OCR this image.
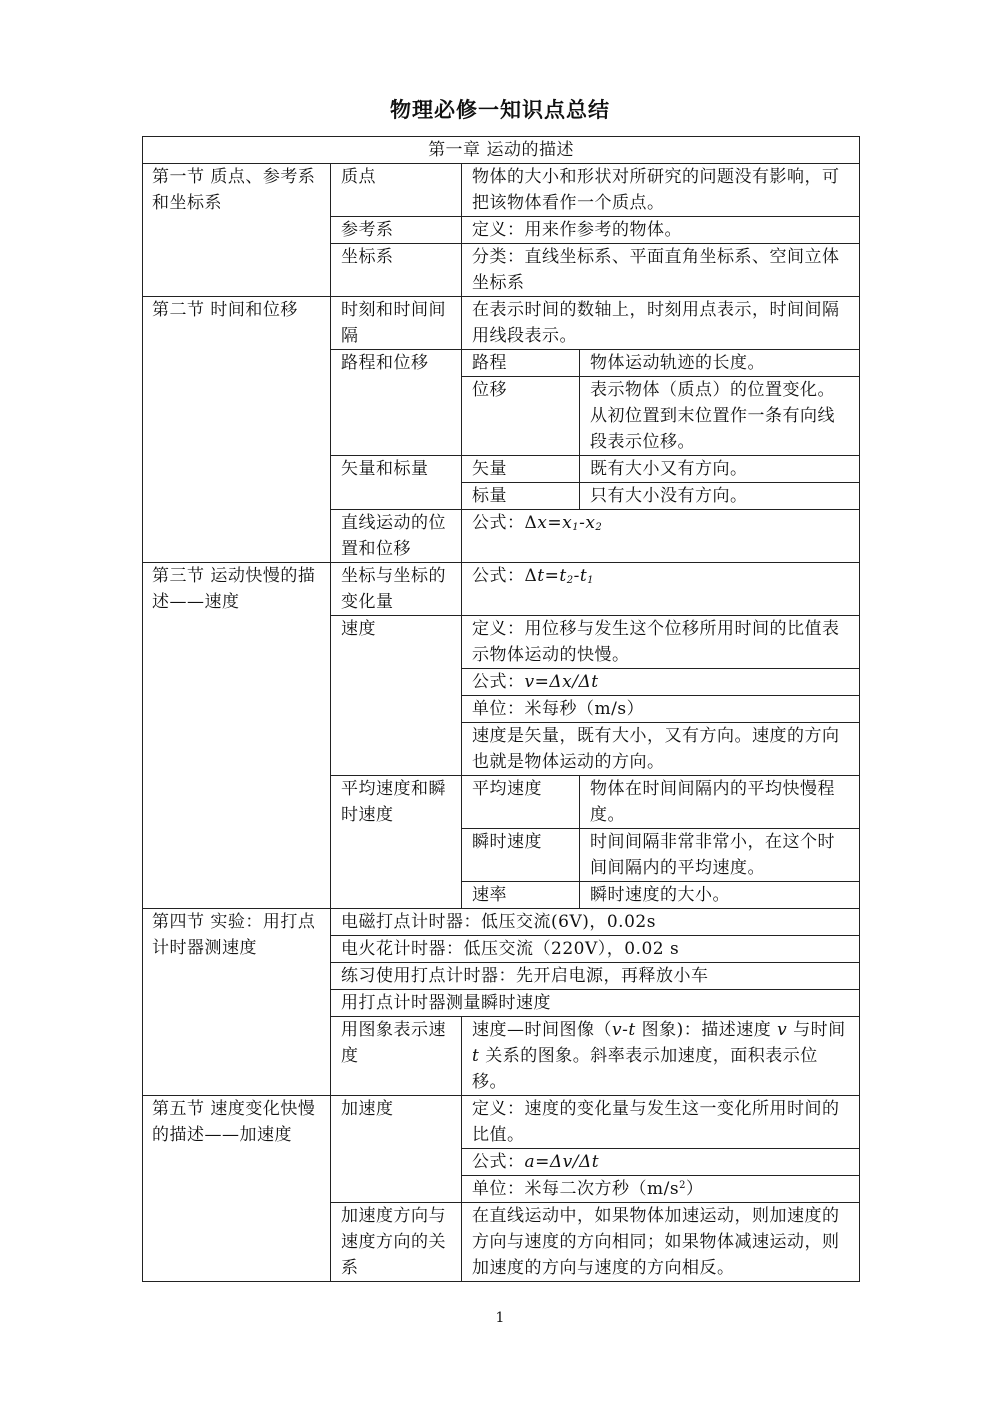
物理必修一知识点总结
第一章 运动的描述			
第一节 质点、参考系和坐标系	质点	物体的大小和形状对所研究的问题没有影响，可把该物体看作一个质点。	
	参考系	定义：用来作参考的物体。	
	坐标系	分类：直线坐标系、平面直角坐标系、空间立体坐标系	
第二节 时间和位移	时刻和时间间隔	在表示时间的数轴上，时刻用点表示，时间间隔用线段表示。	
	路程和位移	路程	物体运动轨迹的长度。
		位移	表示物体（质点）的位置变化。从初位置到末位置作一条有向线段表示位移。
	矢量和标量	矢量	既有大小又有方向。
		标量	只有大小没有方向。
	直线运动的位置和位移	公式：$\Delta x=x_1-x_2$
第三节 运动快慢的描述——速度	坐标与坐标的变化量	公式：$\Delta t=t_2-t_1$
	速度	定义：用位移与发生这个位移所用时间的比值表示物体运动的快慢。	
		公式：v=Δx/Δt	
		单位：米每秒（m/s）	
		速度是矢量，既有大小，又有方向。速度的方向也就是物体运动的方向。	
	平均速度和瞬时速度	平均速度	物体在时间间隔内的平均快慢程度。
		瞬时速度	时间间隔非常非常小，在这个时间间隔内的平均速度。
		速率	瞬时速度的大小。
第四节 实验：用打点计时器测速度	电磁打点计时器：低压交流(6V)，0.02s		
	电火花计时器：低压交流（220V），0.02 s		
	练习使用打点计时器：先开启电源，再释放小车		
	用打点计时器测量瞬时速度		
	用图象表示速度	速度—时间图像（v-t 图象)：描述速度 v 与时间 t 关系的图象。斜率表示加速度，面积表示位移。	
第五节 速度变化快慢的描述——加速度	加速度	定义：速度的变化量与发生这一变化所用时间的比值。	
		公式：a=Δv/Δt	
		单位：米每二次方秒$(m/s^2)$	
	加速度方向与速度方向的关系	在直线运动中，如果物体加速运动，则加速度的方向与速度的方向相同；如果物体减速运动，则加速度的方向与速度的方向相反。	
1
